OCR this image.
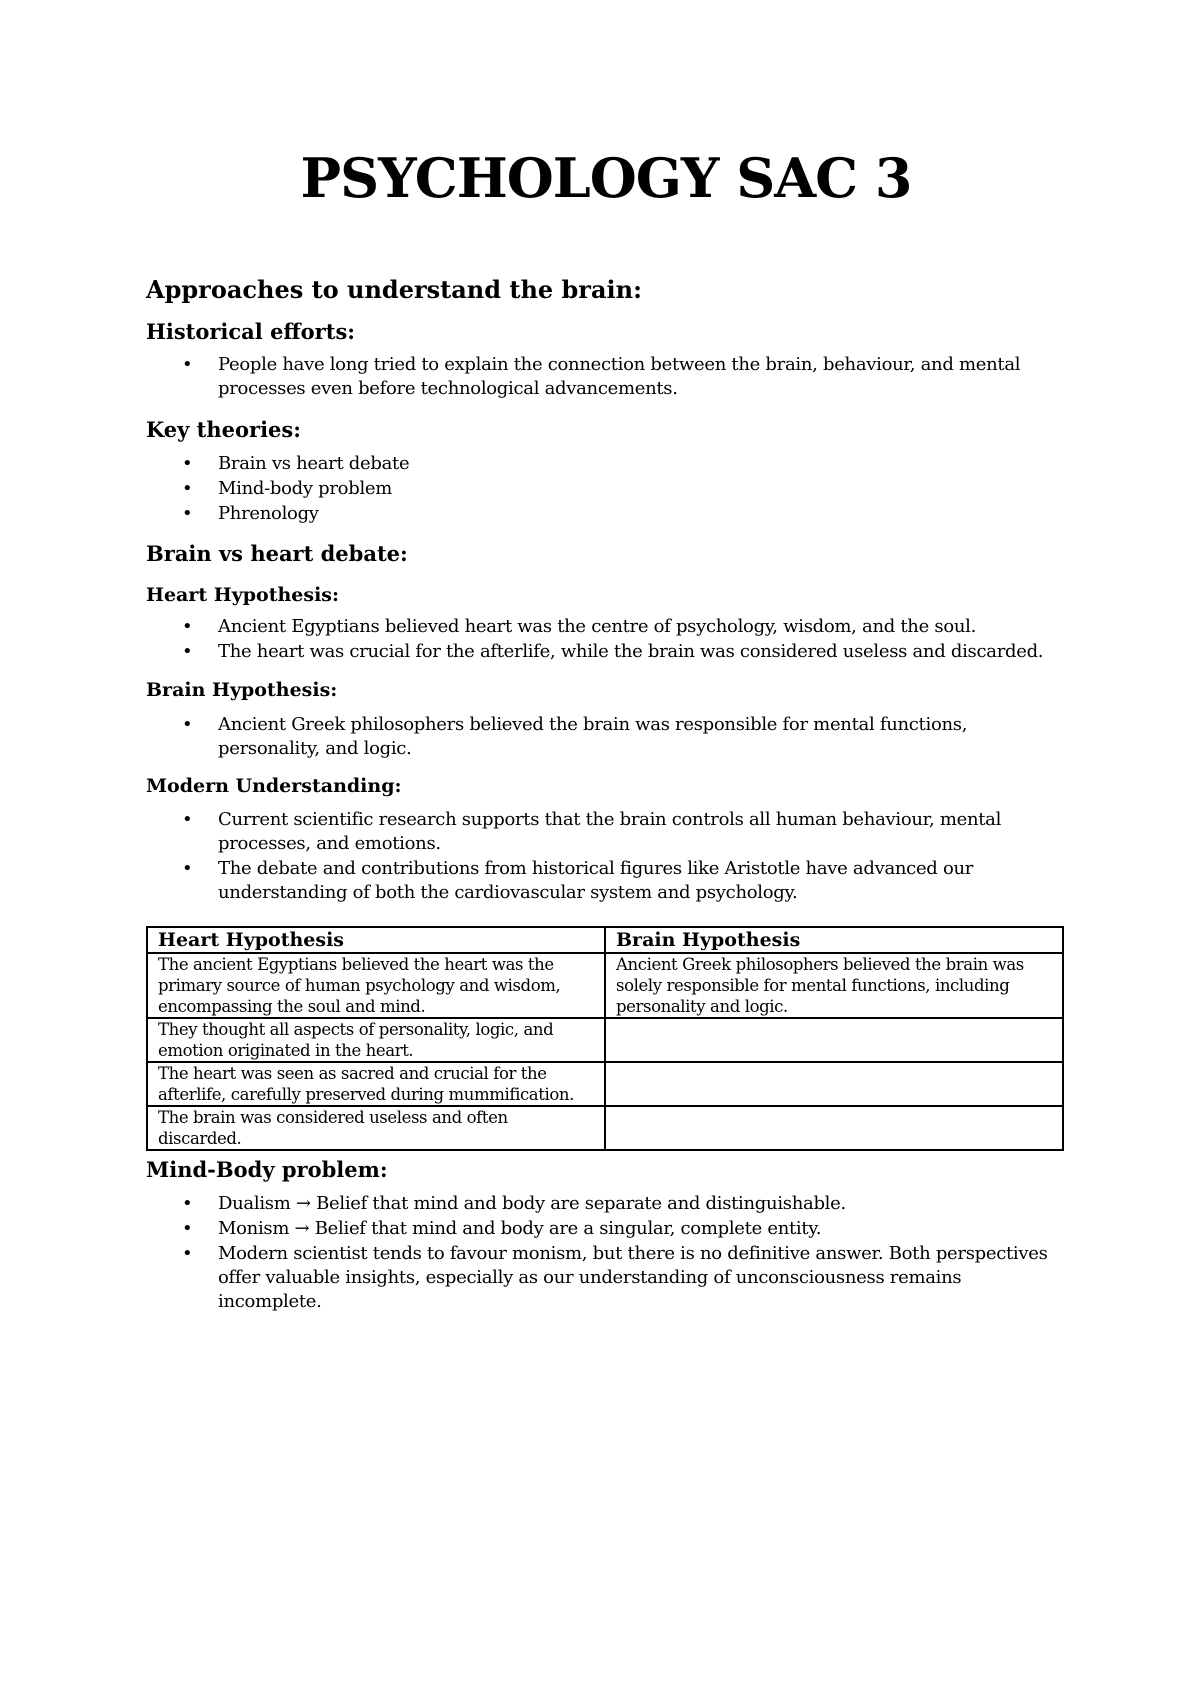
PSYCHOLOGY SAC 3
Approaches to understand the brain:
Historical efforts:
• People have long tried to explain the connection between the brain, behaviour, and mental processes even before technological advancements.
Key theories:
• Brain vs heart debate
• Mind-body problem
• Phrenology
Brain vs heart debate:
Heart Hypothesis:
• Ancient Egyptians believed heart was the centre of psychology, wisdom, and the soul.
• The heart was crucial for the afterlife, while the brain was considered useless and discarded.
Brain Hypothesis:
• Ancient Greek philosophers believed the brain was responsible for mental functions, personality, and logic.
Modern Understanding:
• Current scientific research supports that the brain controls all human behaviour, mental processes, and emotions.
• The debate and contributions from historical figures like Aristotle have advanced our understanding of both the cardiovascular system and psychology.
Heart Hypothesis	Brain Hypothesis
The ancient Egyptians believed the heart was the primary source of human psychology and wisdom, encompassing the soul and mind.	Ancient Greek philosophers believed the brain was solely responsible for mental functions, including personality and logic.
They thought all aspects of personality, logic, and emotion originated in the heart.	
The heart was seen as sacred and crucial for the afterlife, carefully preserved during mummification.	
The brain was considered useless and often discarded.	
Mind-Body problem:
• Dualism → Belief that mind and body are separate and distinguishable.
• Monism → Belief that mind and body are a singular, complete entity.
• Modern scientist tends to favour monism, but there is no definitive answer. Both perspectives offer valuable insights, especially as our understanding of unconsciousness remains incomplete.
